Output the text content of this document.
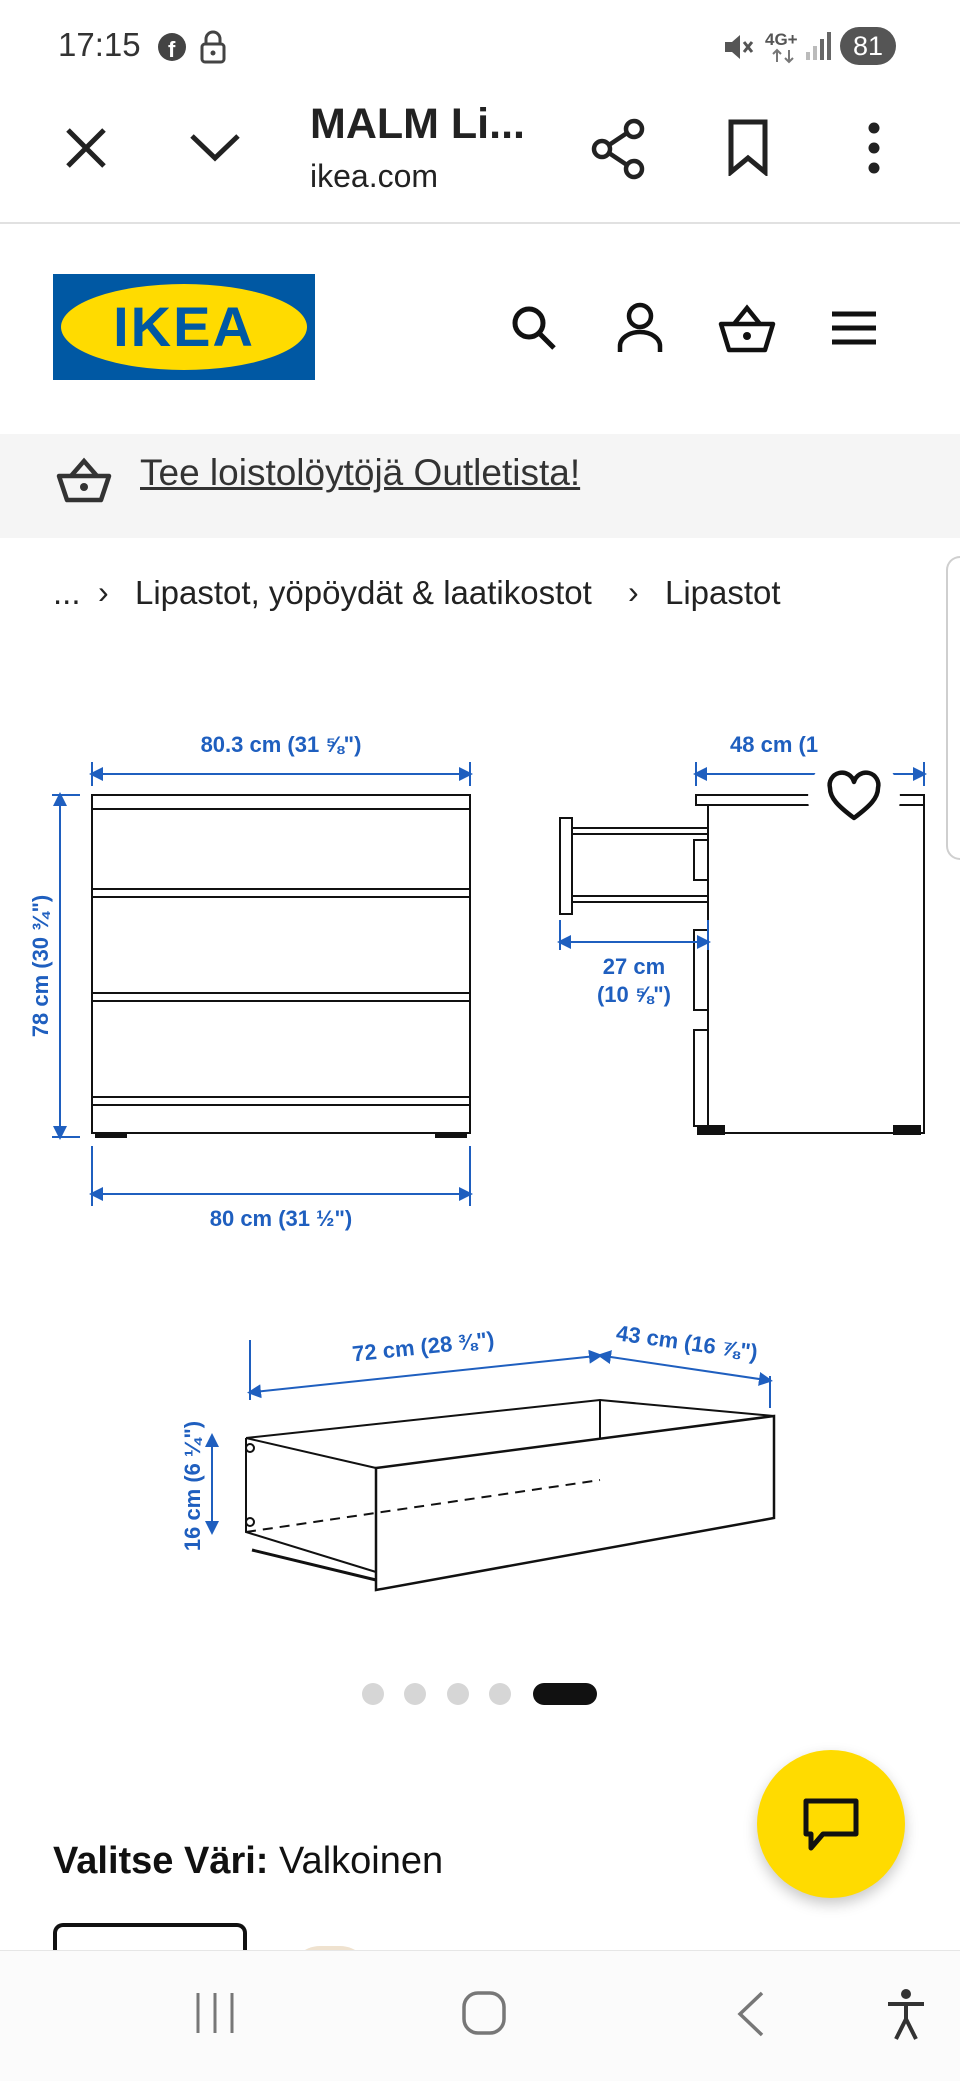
17:15 f	4G+	81
MALM Li...
ikea.com
IKEA
Tee loistolöytöjä Outletista!
... › Lipastot, yöpöydät & laatikostot › Lipastot
80.3 cm (31 ⅝")
78 cm (30 ¾")
80 cm (31 ½")
48 cm (1
27 cm
(10 ⅝")
72 cm (28 ⅜")	43 cm (16 ⅞")
16 cm (6 ¼")
Valitse Väri: Valkoinen
